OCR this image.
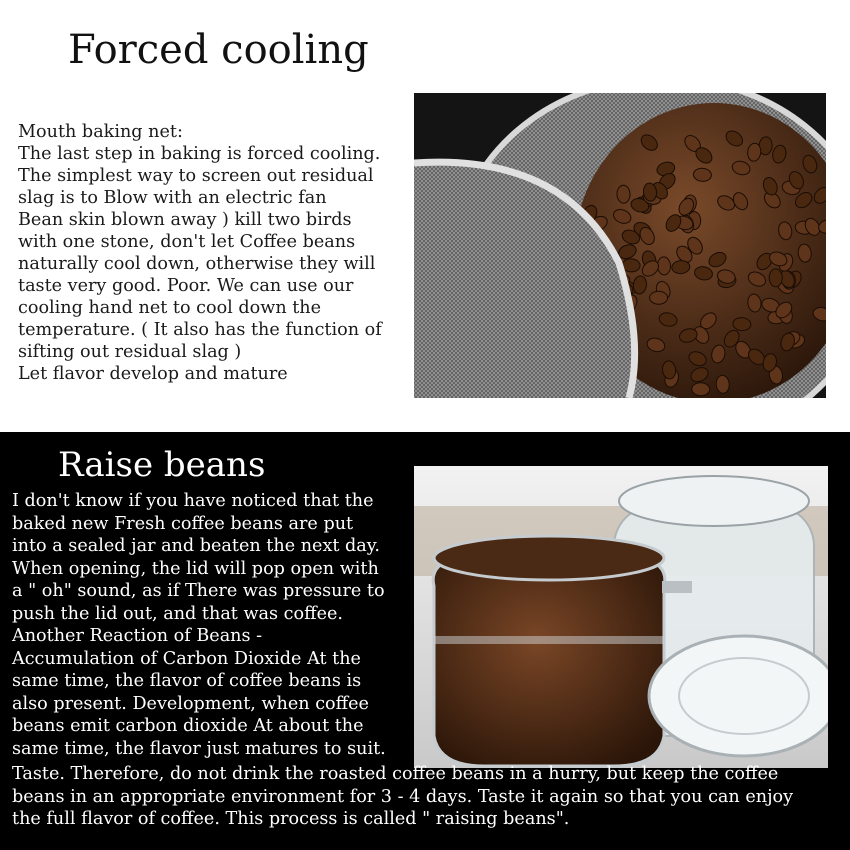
Forced cooling
Mouth baking net:
The last step in baking is forced cooling.
The simplest way to screen out residual
slag is to Blow with an electric fan
Bean skin blown away ) kill two birds
with one stone, don't let Coffee beans
naturally cool down, otherwise they will
taste very good. Poor. We can use our
cooling hand net to cool down the
temperature. ( It also has the function of
sifting out residual slag )
Let flavor develop and mature
Raise beans
I don't know if you have noticed that the
baked new Fresh coffee beans are put
into a sealed jar and beaten the next day.
When opening, the lid will pop open with
a " oh" sound, as if There was pressure to
push the lid out, and that was coffee.
Another Reaction of Beans -
Accumulation of Carbon Dioxide At the
same time, the flavor of coffee beans is
also present. Development, when coffee
beans emit carbon dioxide At about the
same time, the flavor just matures to suit.
Taste. Therefore, do not drink the roasted coffee beans in a hurry, but keep the coffee
beans in an appropriate environment for 3 - 4 days. Taste it again so that you can enjoy
the full flavor of coffee. This process is called " raising beans".
